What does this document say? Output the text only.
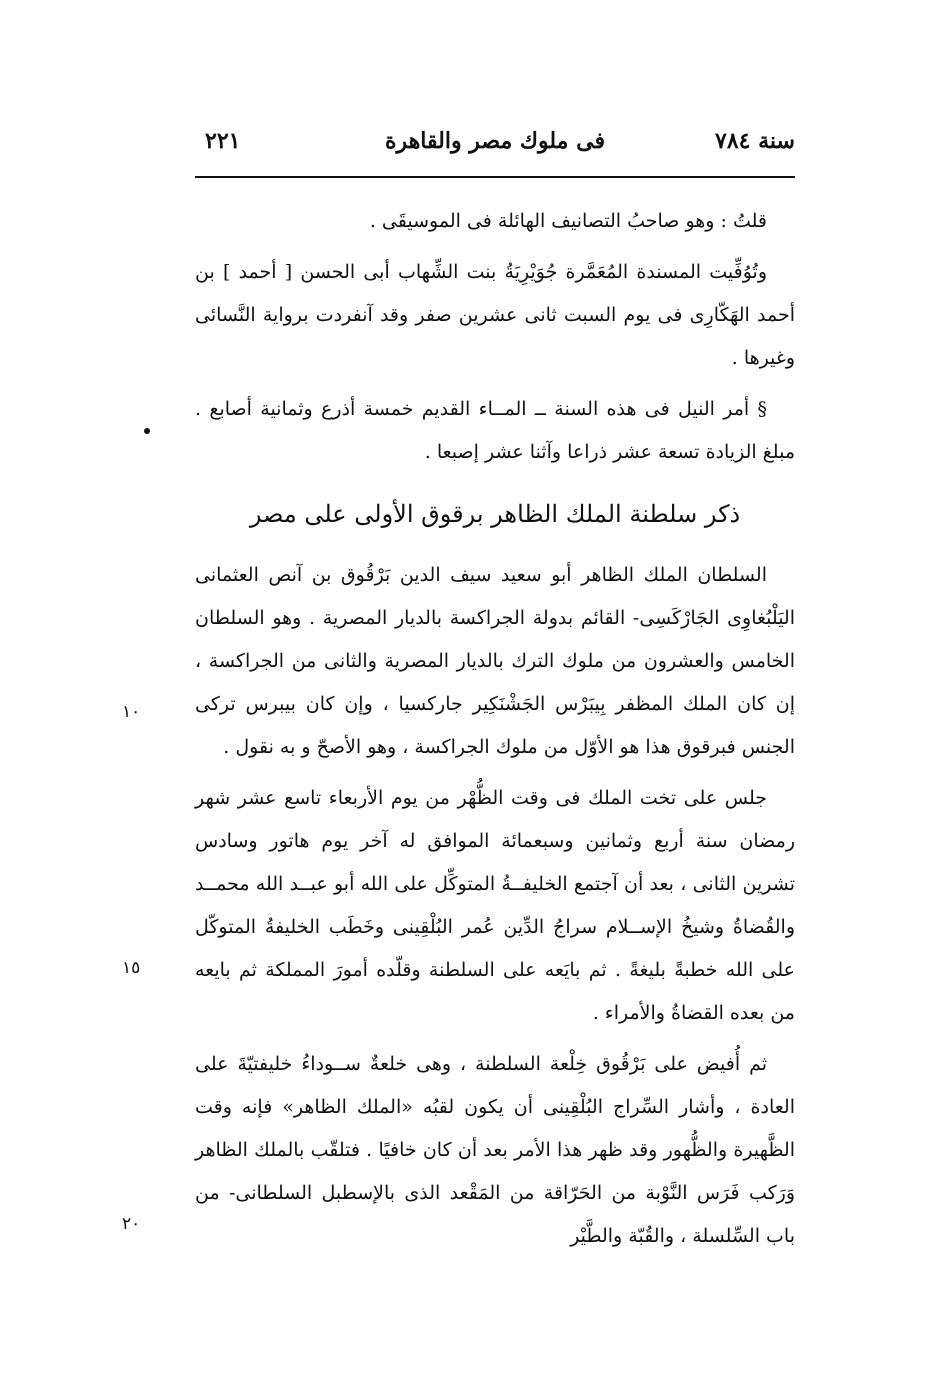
سنة ٧٨٤
فى ملوك مصر والقاهرة
٢٢١

قلتُ : وهو صاحبُ التصانيف الهائلة فى الموسيقَى .

وتُوُفِّيت المسندة المُعَمَّرة جُوَيْرِيَةُ بنت الشِّهاب أبى الحسن [ أحمد ] بن أحمد الهَكّارِى فى يوم السبت ثانى عشرين صفر وقد آنفردت برواية النَّسائى وغيرها .

§ أمر النيل فى هذه السنة ــ المــاء القديم خمسة أذرع وثمانية أصابع . مبلغ الزيادة تسعة عشر ذراعا وآثنا عشر إصبعا .

ذكر سلطنة الملك الظاهر برقوق الأولى على مصر

السلطان الملك الظاهر أبو سعيد سيف الدين بَرْقُوق بن آنص العثمانى اليَلْبُغاوِى الجَارْكَسِى- القائم بدولة الجراكسة بالديار المصرية . وهو السلطان الخامس والعشرون من ملوك الترك بالديار المصرية والثانى من الجراكسة ، إن كان الملك المظفر بِيبَرْس الجَشْنَكِير جاركسيا ، وإن كان بيبرس تركى الجنس فبرقوق هذا هو الأوّل من ملوك الجراكسة ، وهو الأصحّ و به نقول .

جلس على تخت الملك فى وقت الظُّهْر من يوم الأربعاء تاسع عشر شهر رمضان سنة أربع وثمانين وسبعمائة الموافق له آخر يوم هاتور وسادس تشرين الثانى ، بعد أن آجتمع الخليفــةُ المتوكِّل على الله أبو عبــد الله محمــد والقُضاةُ وشيخُ الإســلام سراجُ الدِّين عُمر البُلْقِينى وخَطَب الخليفةُ المتوكّل على الله خطبةً بليغةً . ثم بايَعه على السلطنة وقلّده أمورَ المملكة ثم بايعه من بعده القضاةُ والأمراء .

ثم أُفيض على بَرْقُوق خِلْعة السلطنة ، وهى خلعةٌ ســوداءُ خليفتيّةَ على العادة ، وأشار السِّراج البُلْقِينى أن يكون لقبُه «الملك الظاهر» فإنه وقت الظَّهيرة والظُّهور وقد ظهر هذا الأمر بعد أن كان خافيًا . فتلقّب بالملك الظاهر وَرَكب فَرَس النَّوْبة من الحَرّاقة من المَقْعد الذى بالإسطبل السلطانى- من باب السِّلسلة ، والقُبّة والطَّيْر

١٠
١٥
٢٠
